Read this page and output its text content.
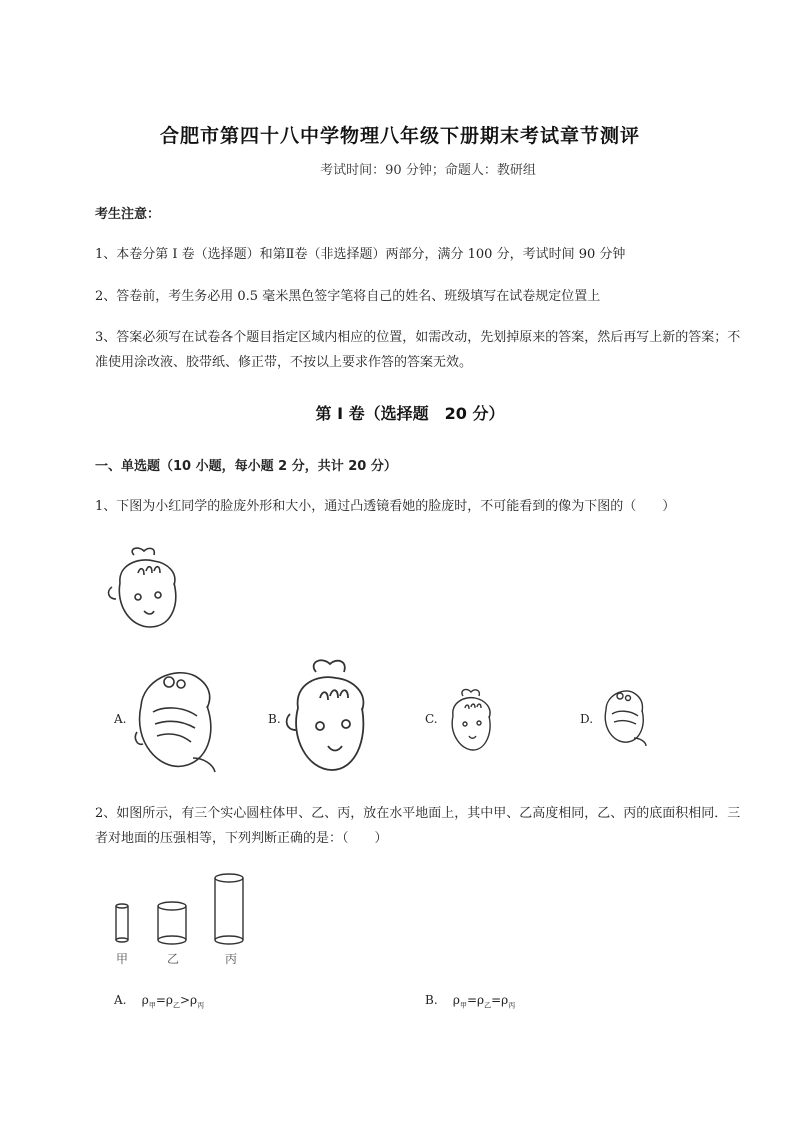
合肥市第四十八中学物理八年级下册期末考试章节测评
考试时间：90 分钟；命题人：教研组
考生注意：
1、本卷分第 I 卷（选择题）和第Ⅱ卷（非选择题）两部分，满分 100 分，考试时间 90 分钟
2、答卷前，考生务必用 0.5 毫米黑色签字笔将自己的姓名、班级填写在试卷规定位置上
3、答案必须写在试卷各个题目指定区域内相应的位置，如需改动，先划掉原来的答案，然后再写上新的答案；不准使用涂改液、胶带纸、修正带，不按以上要求作答的答案无效。
第 I 卷（选择题　20 分）
一、单选题（10 小题，每小题 2 分，共计 20 分）
1、下图为小红同学的脸庞外形和大小，通过凸透镜看她的脸庞时，不可能看到的像为下图的（　　）
A.	B.	C.	D.
2、如图所示，有三个实心圆柱体甲、乙、丙，放在水平地面上，其中甲、乙高度相同，乙、丙的底面积相同．三者对地面的压强相等，下列判断正确的是：（　　）
甲	乙	丙
A. $\rho_甲=\rho_乙>\rho_丙$	B. $\rho_甲=\rho_乙=\rho_丙$
